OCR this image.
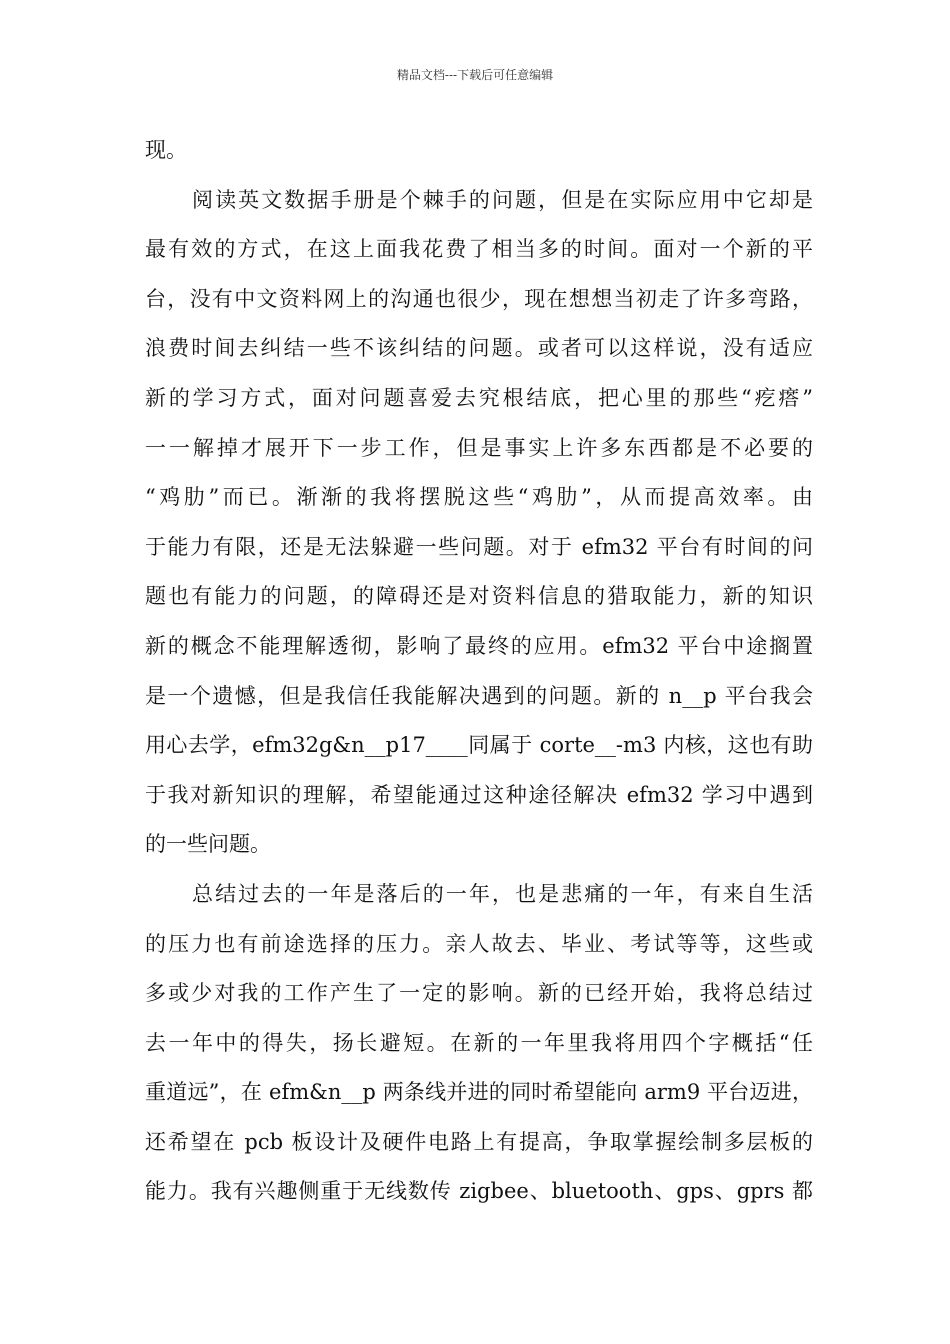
精品文档---下载后可任意编辑
现。
阅读英文数据手册是个棘手的问题，但是在实际应用中它却是
最有效的方式，在这上面我花费了相当多的时间。面对一个新的平
台，没有中文资料网上的沟通也很少，现在想想当初走了许多弯路，
浪费时间去纠结一些不该纠结的问题。或者可以这样说，没有适应
新的学习方式，面对问题喜爱去究根结底，把心里的那些“疙瘩”
一一解掉才展开下一步工作，但是事实上许多东西都是不必要的
“鸡肋”而已。渐渐的我将摆脱这些“鸡肋”，从而提高效率。由
于能力有限，还是无法躲避一些问题。对于 efm32 平台有时间的问
题也有能力的问题，的障碍还是对资料信息的猎取能力，新的知识
新的概念不能理解透彻，影响了最终的应用。efm32 平台中途搁置
是一个遗憾，但是我信任我能解决遇到的问题。新的 n__p 平台我会
用心去学，efm32g&n__p17____同属于 corte__-m3 内核，这也有助
于我对新知识的理解，希望能通过这种途径解决 efm32 学习中遇到
的一些问题。
总结过去的一年是落后的一年，也是悲痛的一年，有来自生活
的压力也有前途选择的压力。亲人故去、毕业、考试等等，这些或
多或少对我的工作产生了一定的影响。新的已经开始，我将总结过
去一年中的得失，扬长避短。在新的一年里我将用四个字概括“任
重道远”，在 efm&n__p 两条线并进的同时希望能向 arm9 平台迈进，
还希望在 pcb 板设计及硬件电路上有提高，争取掌握绘制多层板的
能力。我有兴趣侧重于无线数传 zigbee、bluetooth、gps、gprs 都
